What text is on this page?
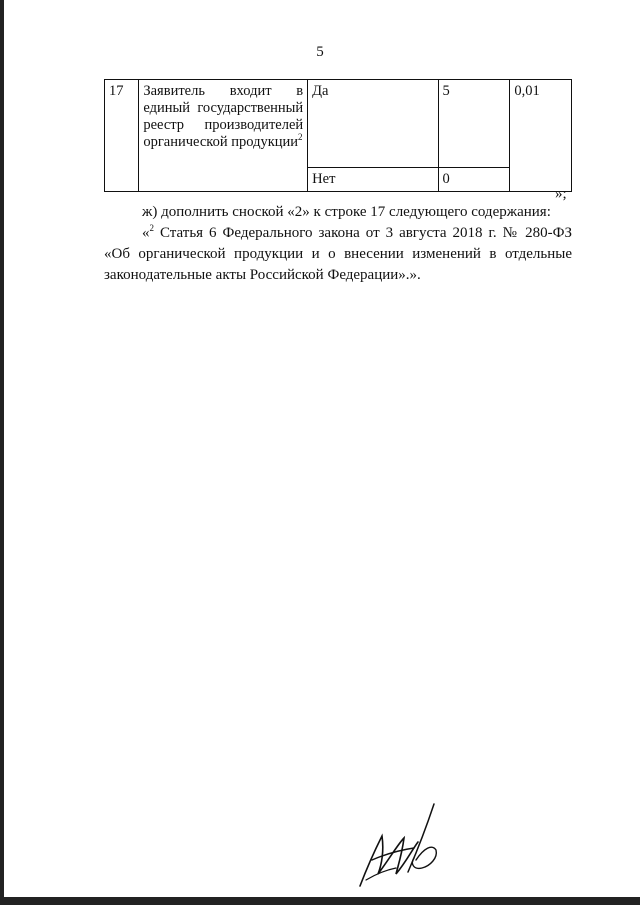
5
17	Заявитель входит в единый государственный реестр производителей органической продукции$^2$	Да	5	0,01
		Нет	0	
»;
ж) дополнить сноской «2» к строке 17 следующего содержания:
«$^2$ Статья 6 Федерального закона от 3 августа 2018 г. № 280-ФЗ «Об органической продукции и о внесении изменений в отдельные законодательные акты Российской Федерации».».
